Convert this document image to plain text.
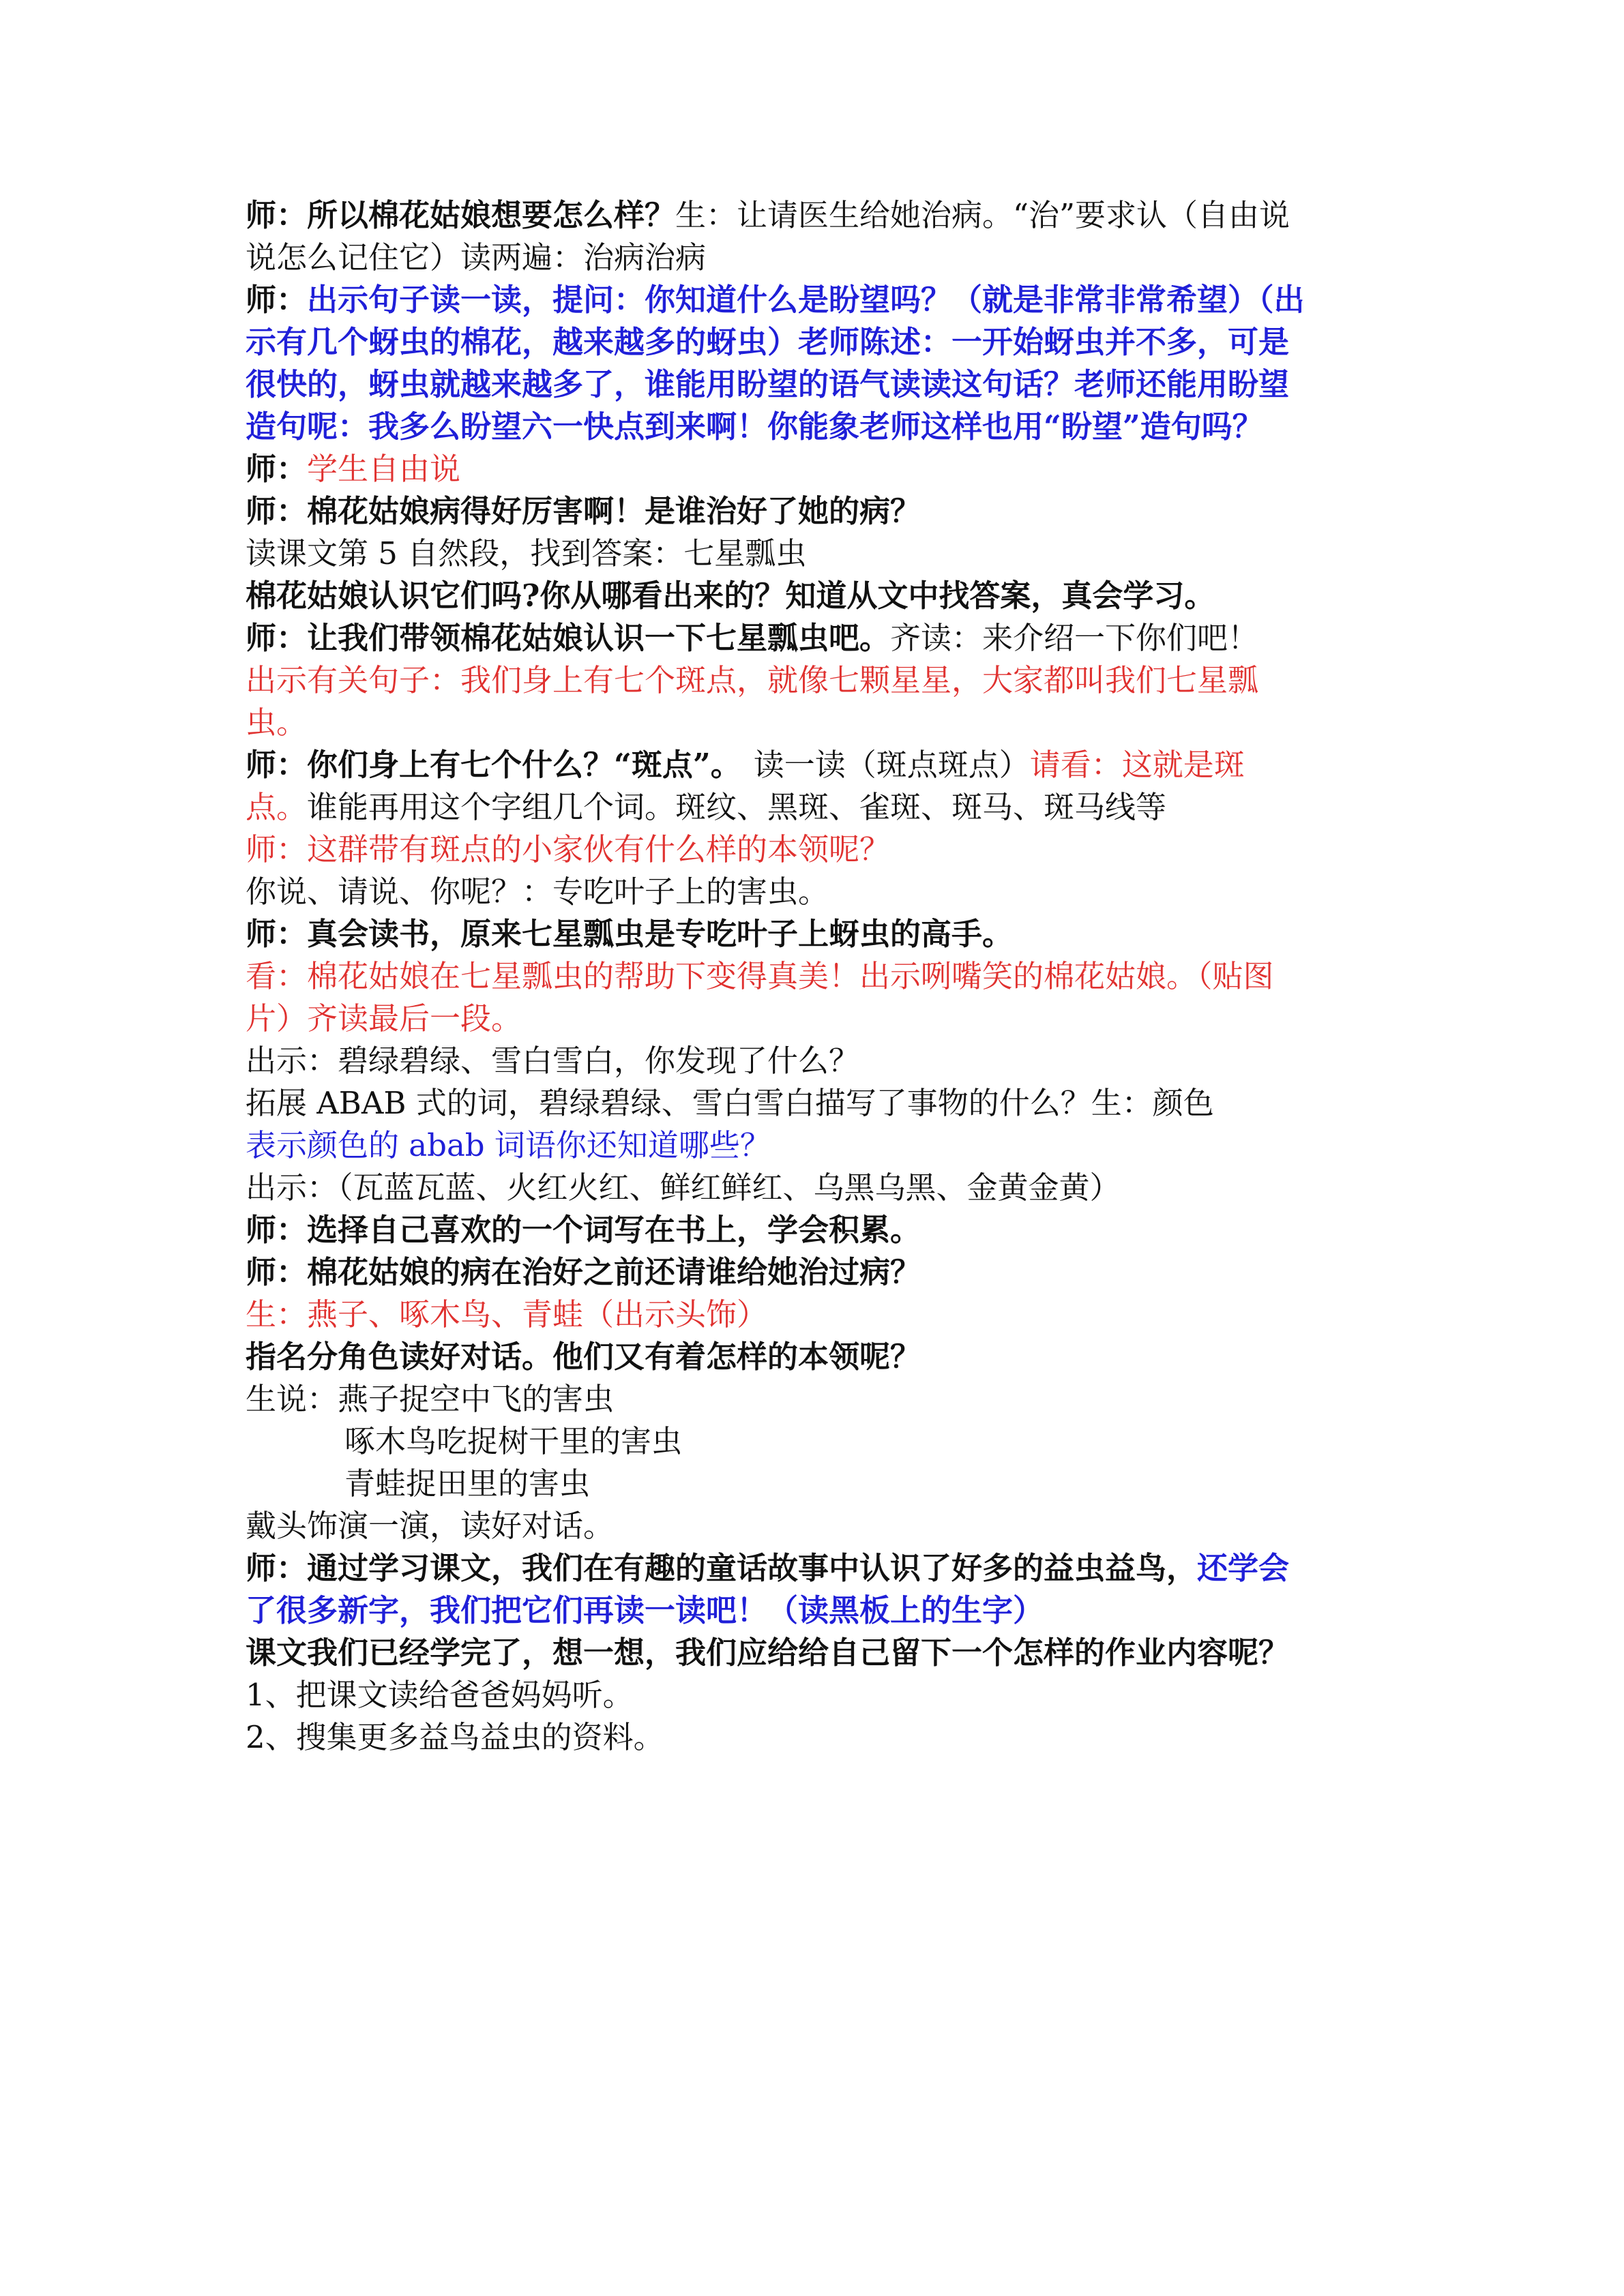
师：所以棉花姑娘想要怎么样？生：让请医生给她治病。“治”要求认（自由说

说怎么记住它）读两遍：治病治病

师：出示句子读一读，提问：你知道什么是盼望吗？（就是非常非常希望）（出

示有几个蚜虫的棉花，越来越多的蚜虫）老师陈述：一开始蚜虫并不多，可是

很快的，蚜虫就越来越多了，谁能用盼望的语气读读这句话？老师还能用盼望

造句呢：我多么盼望六一快点到来啊！你能象老师这样也用“盼望”造句吗？

师：学生自由说

师：棉花姑娘病得好厉害啊！是谁治好了她的病？

读课文第 5 自然段，找到答案：七星瓢虫

棉花姑娘认识它们吗?你从哪看出来的？知道从文中找答案，真会学习。

师：让我们带领棉花姑娘认识一下七星瓢虫吧。齐读：来介绍一下你们吧！

出示有关句子：我们身上有七个斑点，就像七颗星星，大家都叫我们七星瓢

虫。

师：你们身上有七个什么？“斑点”。 读一读（斑点斑点）请看：这就是斑

点。谁能再用这个字组几个词。斑纹、黑斑、雀斑、斑马、斑马线等

师：这群带有斑点的小家伙有什么样的本领呢？

你说、请说、你呢？：专吃叶子上的害虫。

师：真会读书，原来七星瓢虫是专吃叶子上蚜虫的高手。

看：棉花姑娘在七星瓢虫的帮助下变得真美！出示咧嘴笑的棉花姑娘。（贴图

片）齐读最后一段。

出示：碧绿碧绿、雪白雪白，你发现了什么？

拓展 ABAB 式的词，碧绿碧绿、雪白雪白描写了事物的什么？生：颜色

表示颜色的 abab 词语你还知道哪些？

出示：（瓦蓝瓦蓝、火红火红、鲜红鲜红、乌黑乌黑、金黄金黄）

师：选择自己喜欢的一个词写在书上，学会积累。

师：棉花姑娘的病在治好之前还请谁给她治过病？

生：燕子、啄木鸟、青蛙（出示头饰）

指名分角色读好对话。他们又有着怎样的本领呢？

生说：燕子捉空中飞的害虫

啄木鸟吃捉树干里的害虫

青蛙捉田里的害虫

戴头饰演一演，读好对话。

师：通过学习课文，我们在有趣的童话故事中认识了好多的益虫益鸟，还学会

了很多新字，我们把它们再读一读吧！（读黑板上的生字）

课文我们已经学完了，想一想，我们应给给自己留下一个怎样的作业内容呢？

1、把课文读给爸爸妈妈听。

2、搜集更多益鸟益虫的资料。
